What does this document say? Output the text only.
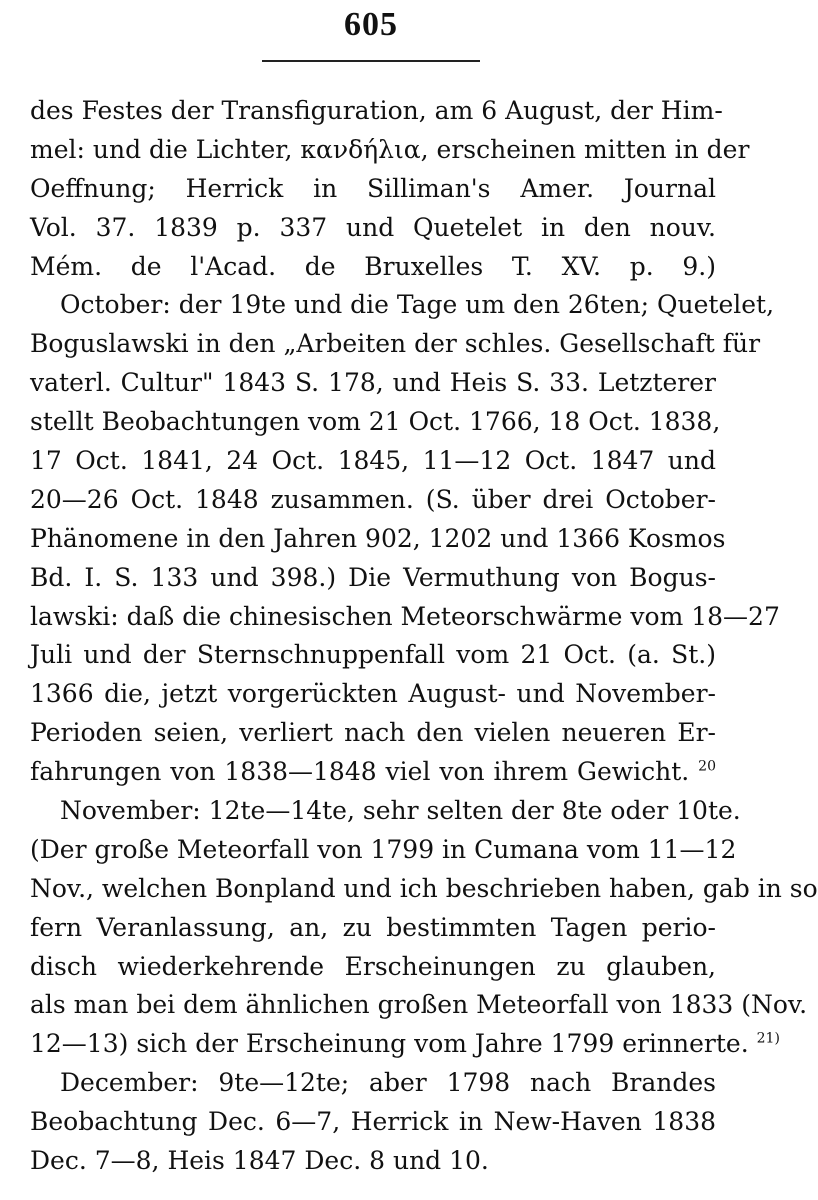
605
des Festes der Transfiguration, am 6 August, der Him-
mel: und die Lichter, κανδήλια, erscheinen mitten in der
Oeffnung; Herrick in Silliman's Amer. Journal
Vol. 37. 1839 p. 337 und Quetelet in den nouv.
Mém. de l'Acad. de Bruxelles T. XV. p. 9.)
October: der 19te und die Tage um den 26ten; Quetelet,
Boguslawski in den „Arbeiten der schles. Gesellschaft für
vaterl. Cultur" 1843 S. 178, und Heis S. 33. Letzterer
stellt Beobachtungen vom 21 Oct. 1766, 18 Oct. 1838,
17 Oct. 1841, 24 Oct. 1845, 11—12 Oct. 1847 und
20—26 Oct. 1848 zusammen. (S. über drei October-
Phänomene in den Jahren 902, 1202 und 1366 Kosmos
Bd. I. S. 133 und 398.) Die Vermuthung von Bogus-
lawski: daß die chinesischen Meteorschwärme vom 18—27
Juli und der Sternschnuppenfall vom 21 Oct. (a. St.)
1366 die, jetzt vorgerückten August- und November-
Perioden seien, verliert nach den vielen neueren Er-
fahrungen von 1838—1848 viel von ihrem Gewicht. $^{20}$
November: 12te—14te, sehr selten der 8te oder 10te.
(Der große Meteorfall von 1799 in Cumana vom 11—12
Nov., welchen Bonpland und ich beschrieben haben, gab in so
fern Veranlassung, an, zu bestimmten Tagen perio-
disch wiederkehrende Erscheinungen zu glauben,
als man bei dem ähnlichen großen Meteorfall von 1833 (Nov.
12—13) sich der Erscheinung vom Jahre 1799 erinnerte. $^{21)}$
December: 9te—12te; aber 1798 nach Brandes
Beobachtung Dec. 6—7, Herrick in New-Haven 1838
Dec. 7—8, Heis 1847 Dec. 8 und 10.
